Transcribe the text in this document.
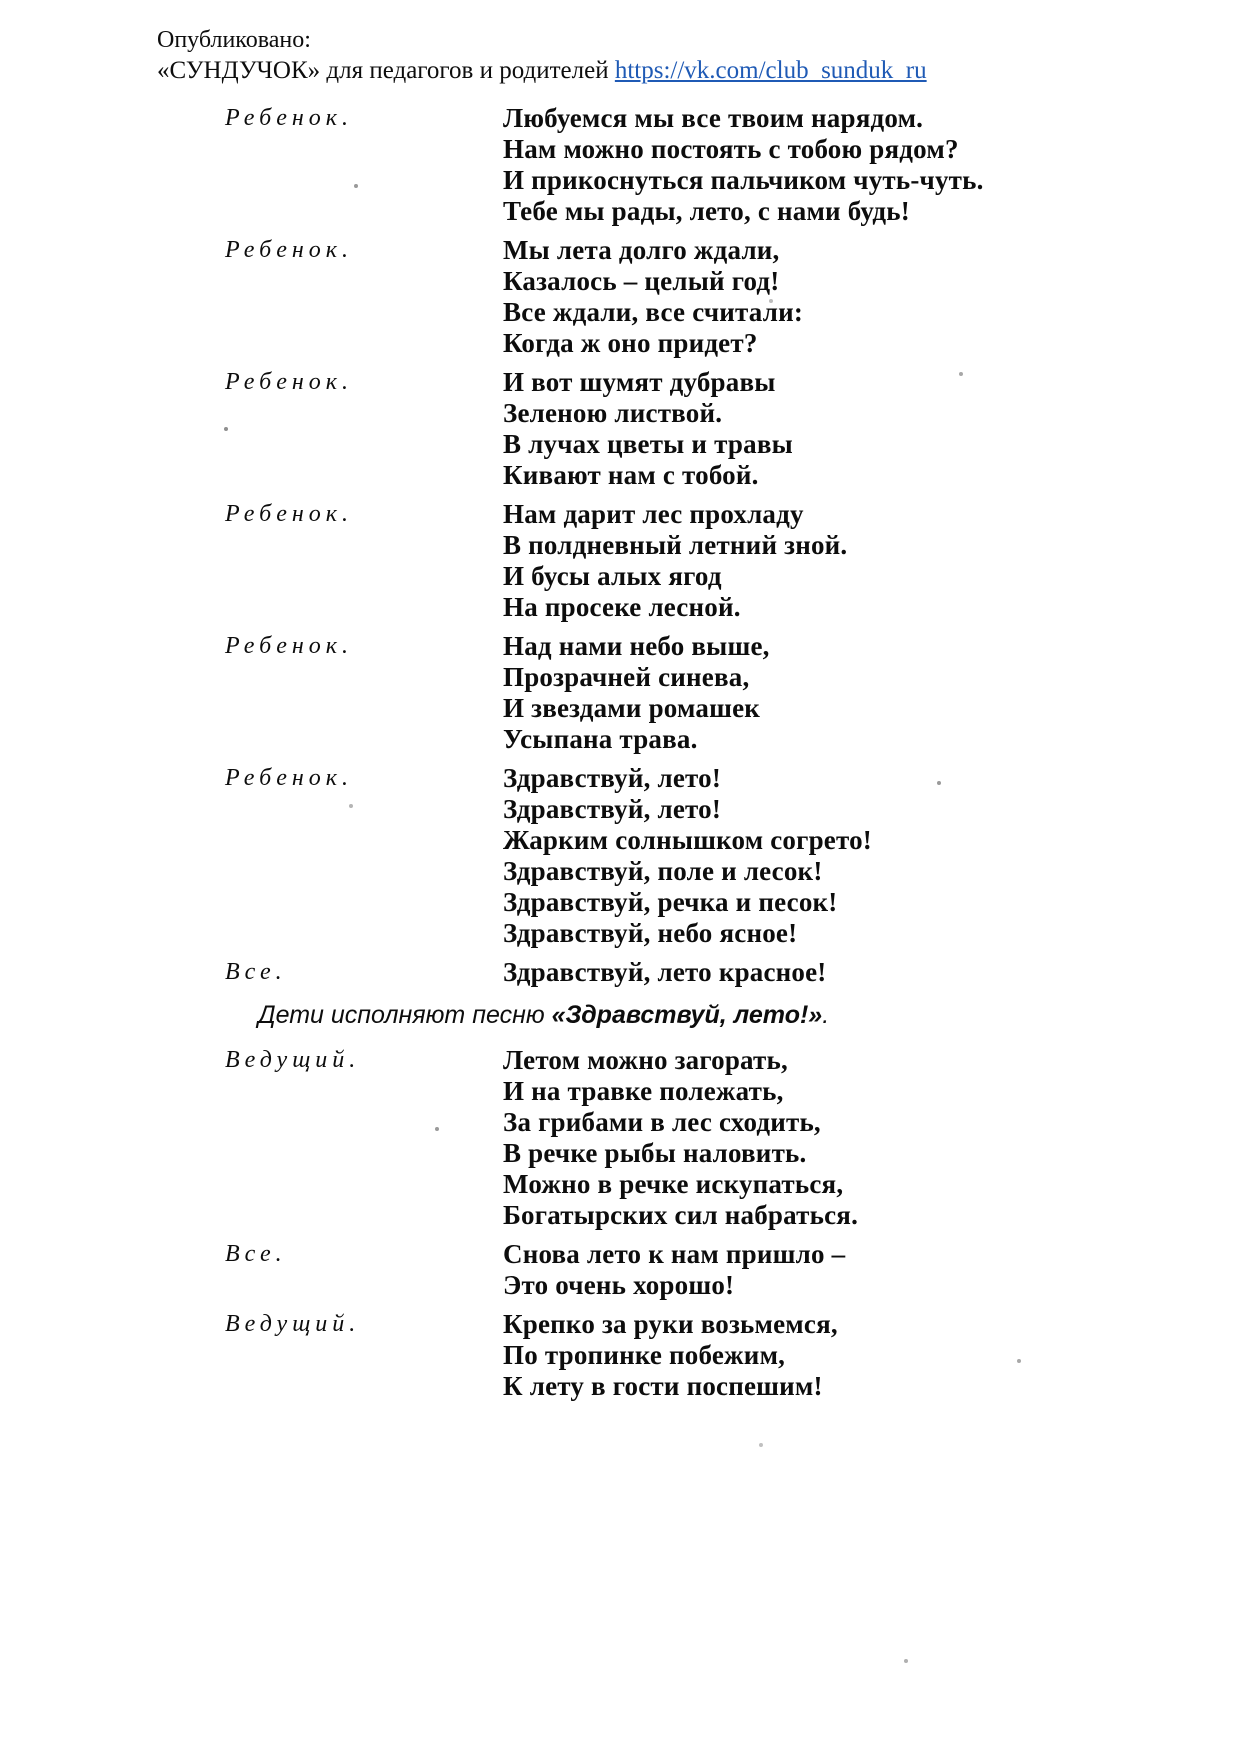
Опубликовано:
«СУНДУЧОК» для педагогов и родителей https://vk.com/club_sunduk_ru
Ребенок.	Любуемся мы все твоим нарядом.
Нам можно постоять с тобою рядом?
И прикоснуться пальчиком чуть-чуть.
Тебе мы рады, лето, с нами будь!
Ребенок.	Мы лета долго ждали,
Казалось – целый год!
Все ждали, все считали:
Когда ж оно придет?
Ребенок.	И вот шумят дубравы
Зеленою листвой.
В лучах цветы и травы
Кивают нам с тобой.
Ребенок.	Нам дарит лес прохладу
В полдневный летний зной.
И бусы алых ягод
На просеке лесной.
Ребенок.	Над нами небо выше,
Прозрачней синева,
И звездами ромашек
Усыпана трава.
Ребенок.	Здравствуй, лето!
Здравствуй, лето!
Жарким солнышком согрето!
Здравствуй, поле и лесок!
Здравствуй, речка и песок!
Здравствуй, небо ясное!
Все.	Здравствуй, лето красное!
Дети исполняют песню «Здравствуй, лето!».
Ведущий.	Летом можно загорать,
И на травке полежать,
За грибами в лес сходить,
В речке рыбы наловить.
Можно в речке искупаться,
Богатырских сил набраться.
Все.	Снова лето к нам пришло –
Это очень хорошо!
Ведущий.	Крепко за руки возьмемся,
По тропинке побежим,
К лету в гости поспешим!
